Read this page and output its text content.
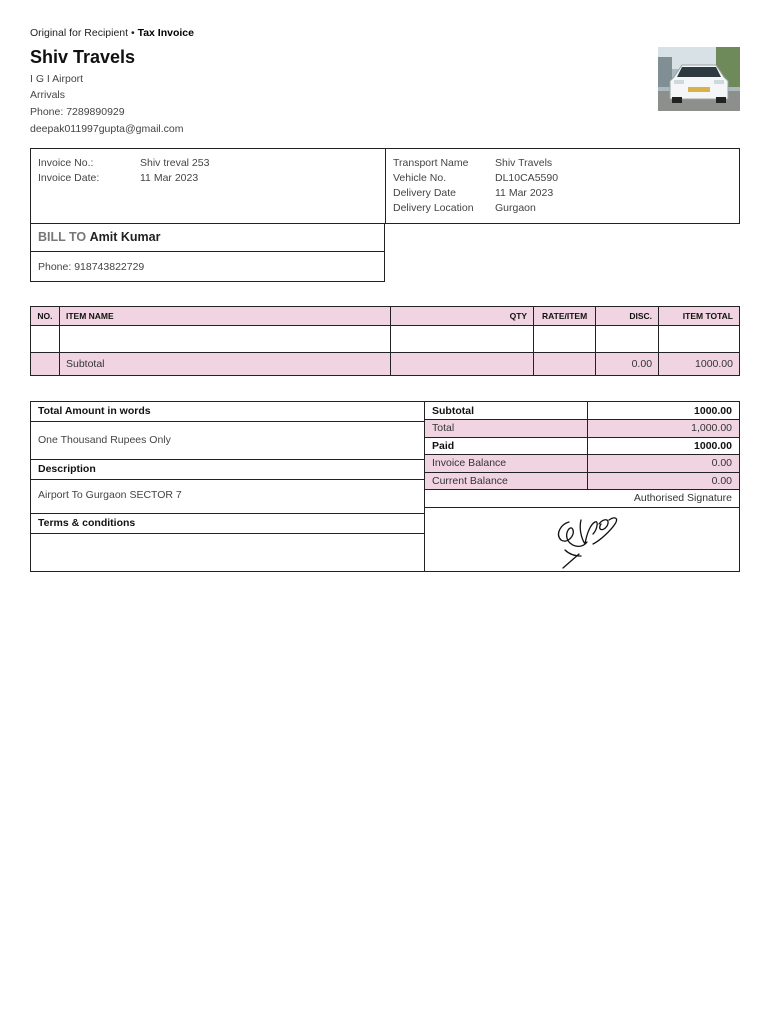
Original for Recipient • Tax Invoice
Shiv Travels
I G I Airport
Arrivals
Phone: 7289890929
deepak011997gupta@gmail.com
Invoice No.:	Shiv treval 253
Invoice Date:	11 Mar 2023
Transport Name	Shiv Travels
Vehicle No.	DL10CA5590
Delivery Date	11 Mar 2023
Delivery Location Gurgaon
BILL TO Amit Kumar
Phone: 918743822729
NO.	ITEM NAME	QTY	RATE/ITEM	DISC.	ITEM TOTAL

	Subtotal			0.00	1000.00
Total Amount in words
One Thousand Rupees Only
Description
Airport To Gurgaon SECTOR 7
Terms & conditions
Subtotal	1000.00
Total	1,000.00
Paid	1000.00
Invoice Balance	0.00
Current Balance	0.00
Authorised Signature	
